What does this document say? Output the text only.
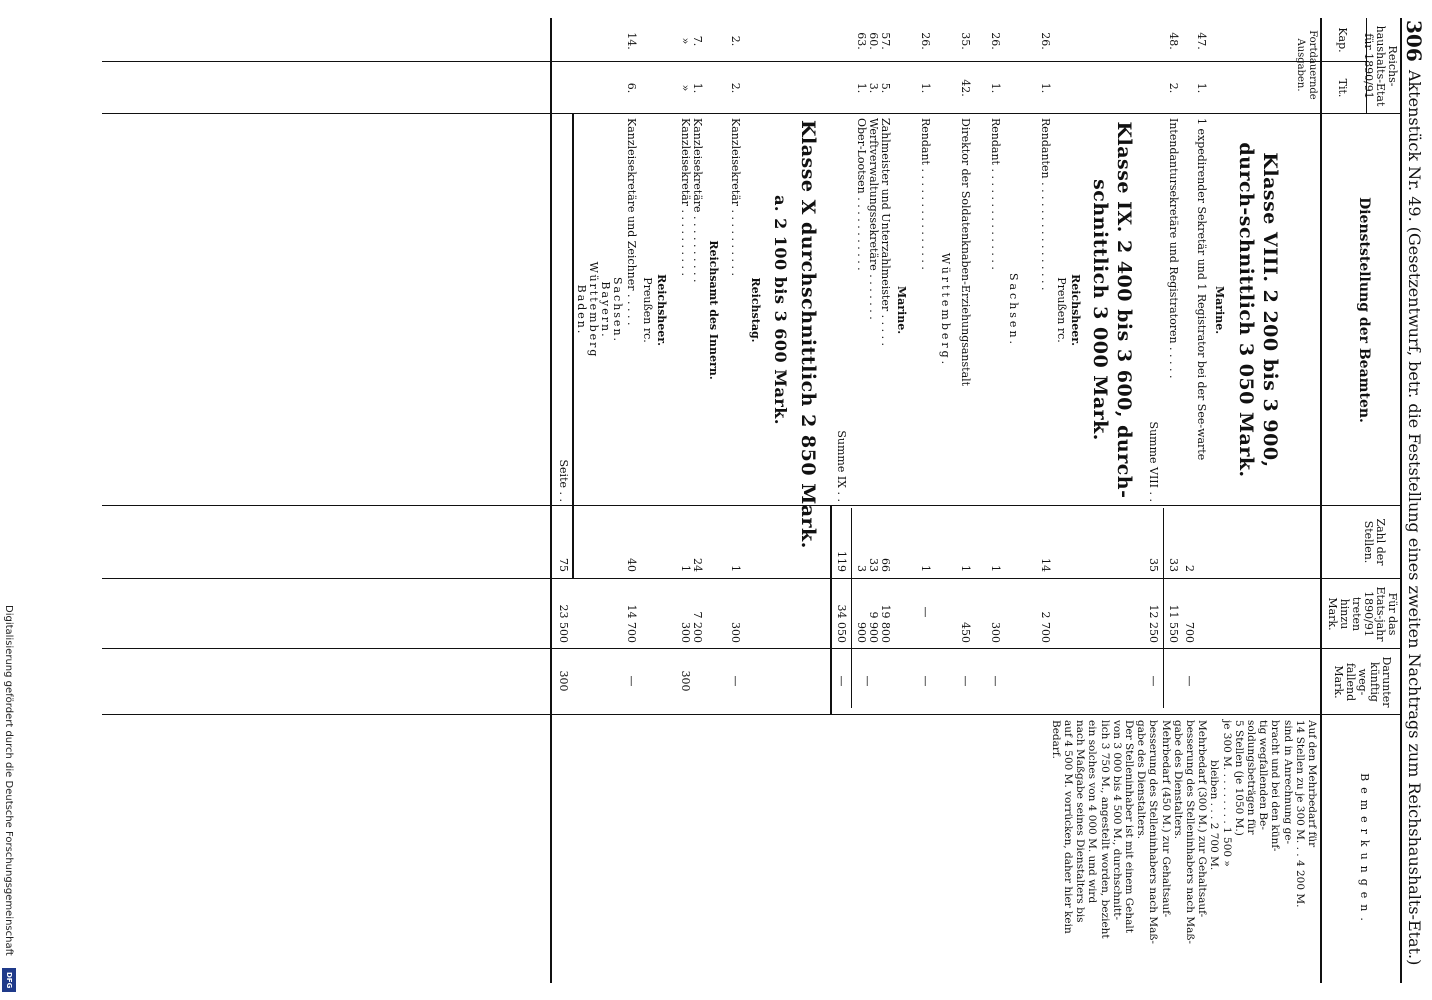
306
Aktenstück Nr. 49. (Gesetzentwurf, betr. die Feststellung eines zweiten Nachtrags zum Reichshaushalts-Etat.)
Reichs-haushalts-Etat für 1890/91
Kap.
Tit.
Dienststellung der Beamten.
Zahl der Stellen.
Für das Etats-jahr 1890/91 treten hinzu Mark.
Darunter künftig weg-fallend Mark.
Bemerkungen.
Fortdauernde Ausgaben.
Klasse VIII. 2 200 bis 3 900, durch-schnittlich 3 050 Mark.
Marine.
47.
1.
1 expedirender Sekretär und 1 Registrator bei der See-warte
2
700
—
48.
2.
Intendantursekretäre und Registratoren . . . . .
33
11 550
Summe VIII . .
35
12 250
—
Klasse IX. 2 400 bis 3 600, durch-schnittlich 3 000 Mark.
Reichsheer.
Preußen rc.
26.
1.
Rendanten . . . . . . . . . . . . . . . .
14
2 700
Sachsen.
26.
1.
Rendant . . . . . . . . . . . . . . .
1
300
—
35.
42.
Direktor der Soldatenknaben-Erziehungsanstalt
1
450
—
Württemberg.
26.
1.
Rendant . . . . . . . . . . . . . . .
1
—
—
Marine.
57.
5.
Zahlmeister und Unterzahlmeister . . . . .
66
19 800
60.
3.
Werftverwaltungssekretäre . . . . . . .
33
9 900
63.
1.
Ober-Lootsen . . . . . . . . . . .
3
900
—
Summe IX . .
119
34 050
—
Klasse X durchschnittlich 2 850 Mark.
a. 2 100 bis 3 600 Mark.
Reichstag.
2.
2.
Kanzleisekretär . . . . . . . . . .
1
300
—
Reichsamt des Innern.
7.
1.
Kanzleisekretäre . . . . . . . . . .
24
7 200
»
»
Kanzleisekretär . . . . . . . . . .
1
300
300
Reichsheer.
Preußen rc.
14.
6.
Kanzleisekretäre und Zeichner . . . . .
40
14 700
—
Sachsen.
Bayern.
Württemberg
Baden.
Seite . .
75
23 500
300
Auf den Mehrbedarf für
14 Stellen zu je 300 M. . . 4 200 M.
sind in Anrechnung ge-
bracht und bei den künf-
tig wegfallenden Be-
soldungsbeträgen für
5 Stellen (je 1050 M.)
je 300 M. . . . . . . . . 1 500 »
bleiben . . . 2 700 M.
Mehrbedarf (300 M.) zur Gehaltsauf-
besserung des Stelleninhabers nach Maß-
gabe des Dienstalters.
Mehrbedarf (450 M.) zur Gehaltsauf-
besserung des Stelleninhabers nach Maß-
gabe des Dienstalters.
Der Stelleninhaber ist mit einem Gehalt
von 3 000 bis 4 500 M., durchschnitt-
lich 3 750 M., angestellt worden, bezieht
ein solches von 4 000 M. und wird
nach Maßgabe seines Dienstalters bis
auf 4 500 M. vorrücken, daher hier kein
Bedarf.
Digitalisierung gefördert durch die Deutsche Forschungsgemeinschaft
DFG
